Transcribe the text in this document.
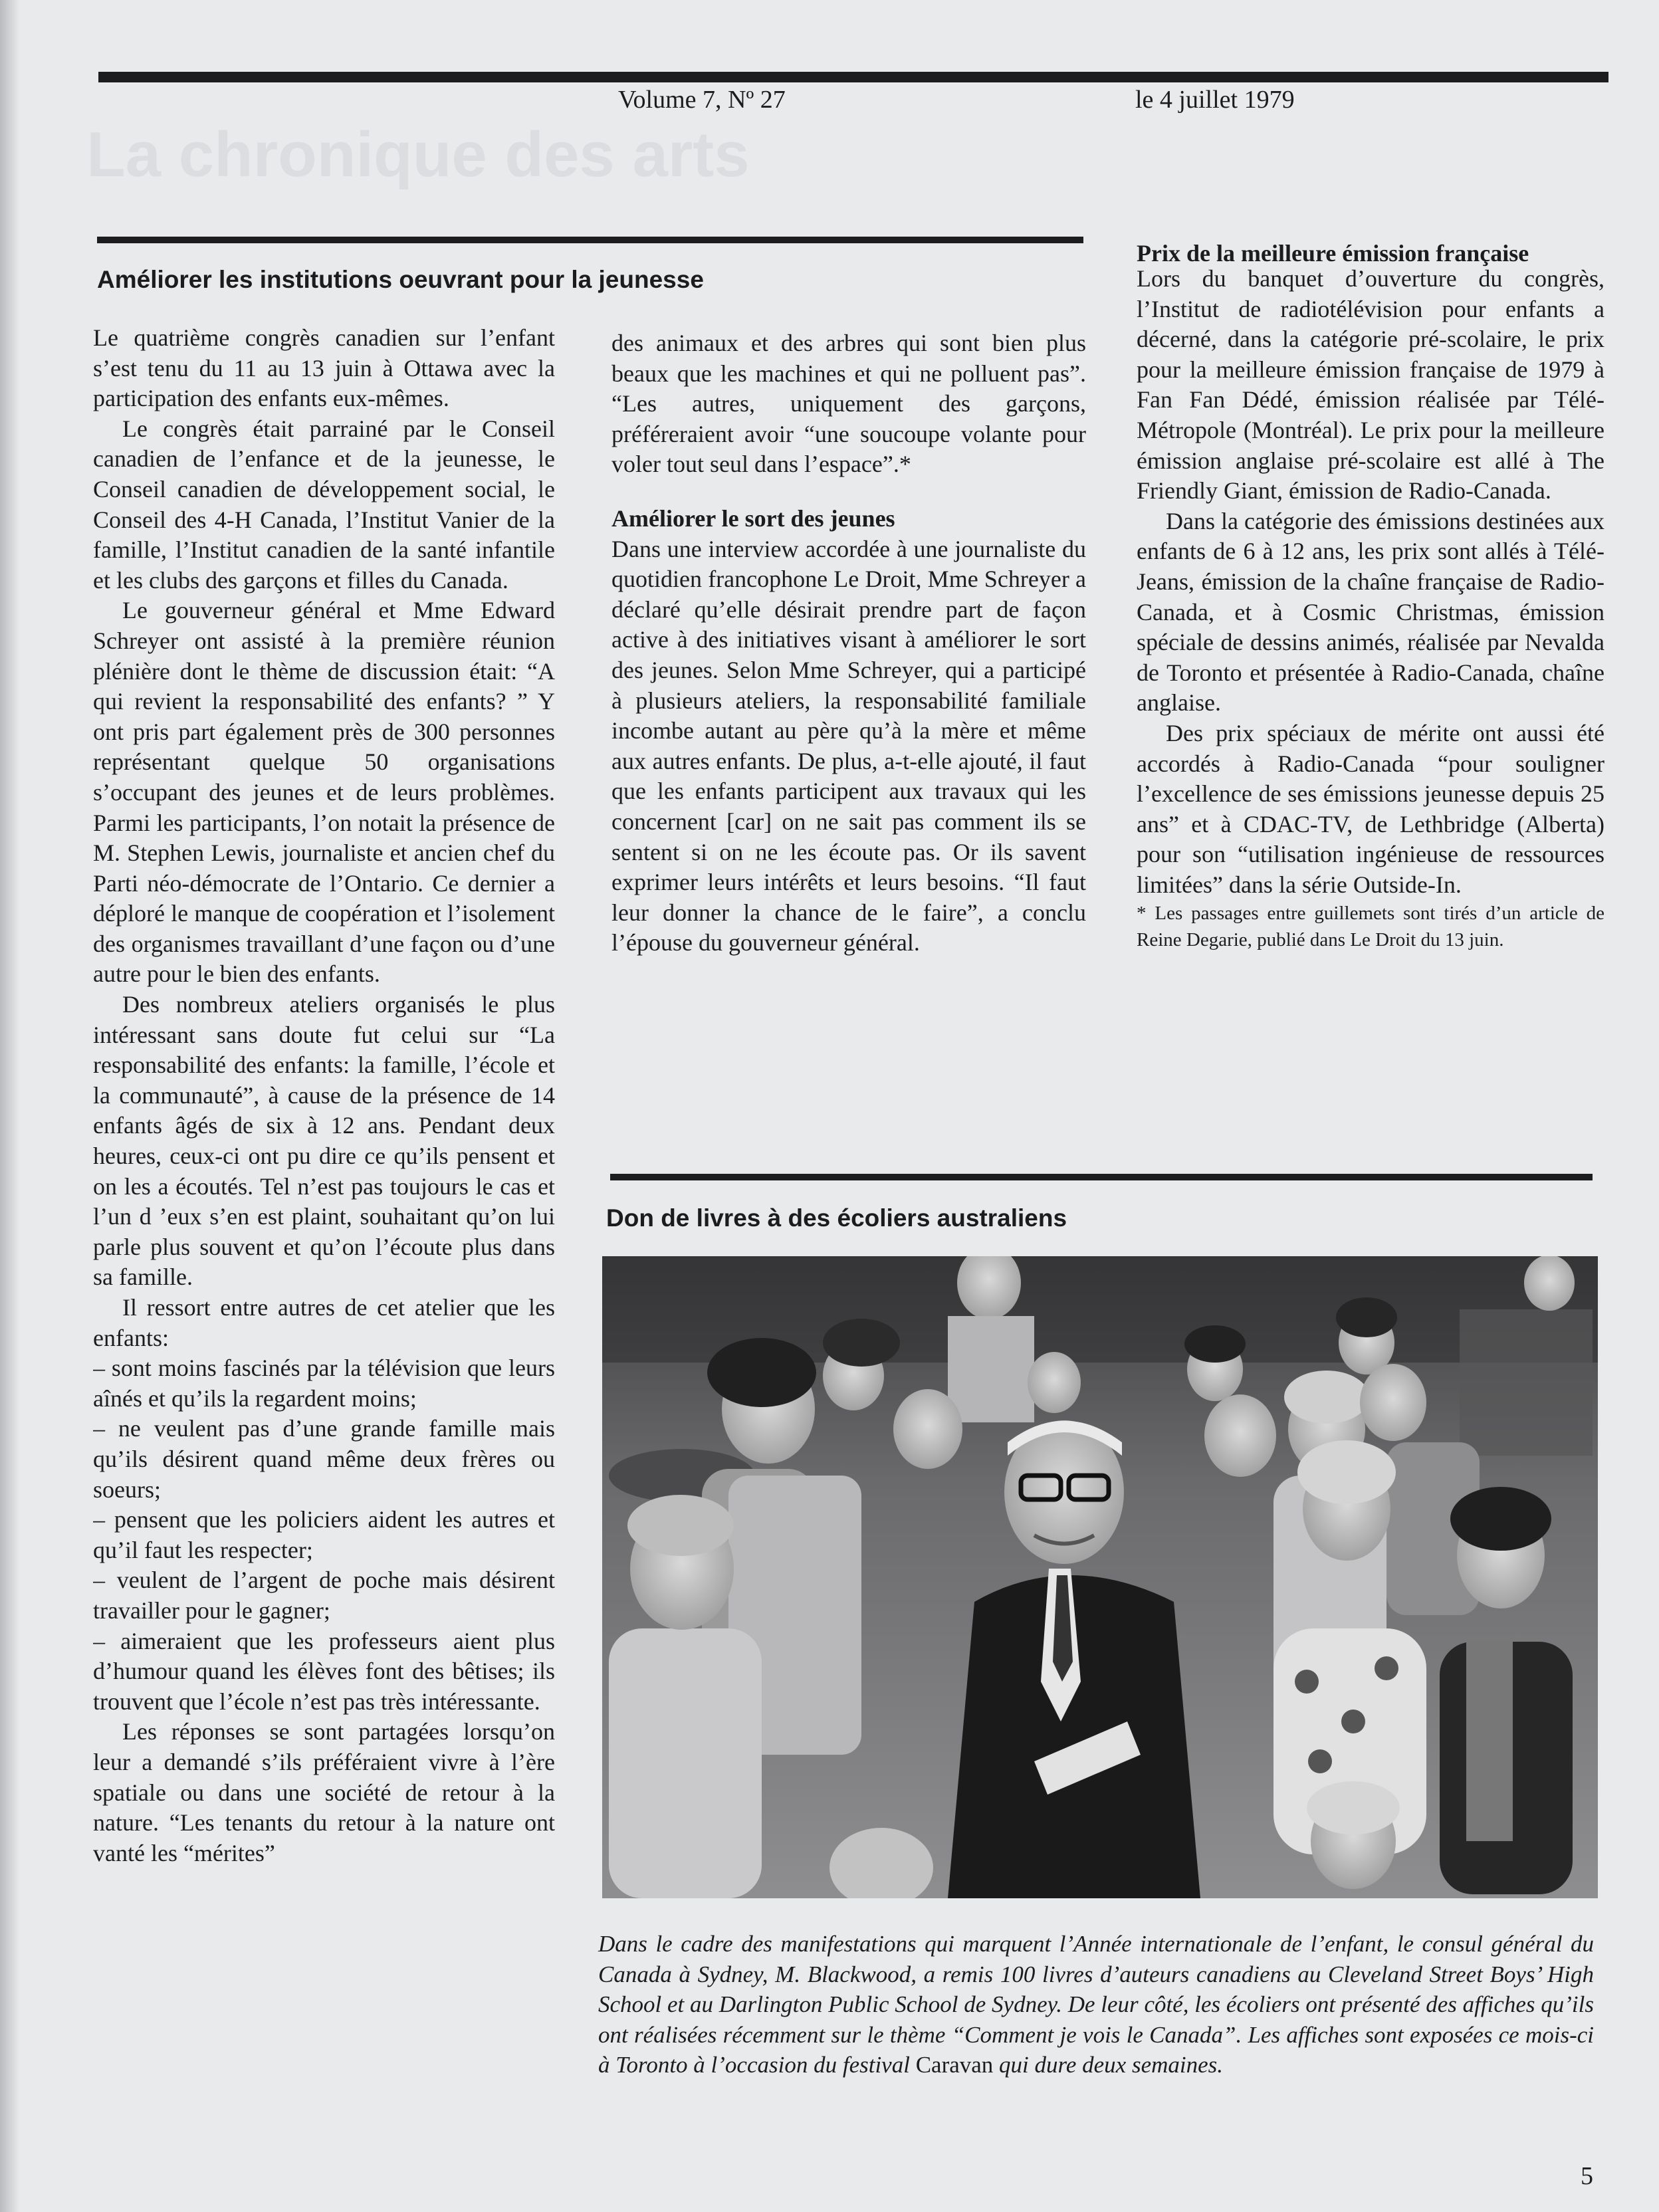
Volume 7, Nº 27	le 4 juillet 1979
La chronique des arts
Améliorer les institutions oeuvrant pour la jeunesse

Le quatrième congrès canadien sur l’enfant s’est tenu du 11 au 13 juin à Ottawa avec la participation des enfants eux-mêmes.

Le congrès était parrainé par le Conseil canadien de l’enfance et de la jeunesse, le Conseil canadien de développement social, le Conseil des 4-H Canada, l’Institut Vanier de la famille, l’Institut canadien de la santé infantile et les clubs des garçons et filles du Canada.

Le gouverneur général et Mme Edward Schreyer ont assisté à la première réunion plénière dont le thème de discussion était: “A qui revient la responsabilité des enfants? ” Y ont pris part également près de 300 personnes représentant quelque 50 organisations s’occupant des jeunes et de leurs problèmes. Parmi les participants, l’on notait la présence de M. Stephen Lewis, journaliste et ancien chef du Parti néo-démocrate de l’Ontario. Ce dernier a déploré le manque de coopération et l’isolement des organismes travaillant d’une façon ou d’une autre pour le bien des enfants.

Des nombreux ateliers organisés le plus intéressant sans doute fut celui sur “La responsabilité des enfants: la famille, l’école et la communauté”, à cause de la présence de 14 enfants âgés de six à 12 ans. Pendant deux heures, ceux-ci ont pu dire ce qu’ils pensent et on les a écoutés. Tel n’est pas toujours le cas et l’un d ’eux s’en est plaint, souhaitant qu’on lui parle plus souvent et qu’on l’écoute plus dans sa famille.

Il ressort entre autres de cet atelier que les enfants:

– sont moins fascinés par la télévision que leurs aînés et qu’ils la regardent moins;

– ne veulent pas d’une grande famille mais qu’ils désirent quand même deux frères ou soeurs;

– pensent que les policiers aident les autres et qu’il faut les respecter;

– veulent de l’argent de poche mais désirent travailler pour le gagner;

– aimeraient que les professeurs aient plus d’humour quand les élèves font des bêtises; ils trouvent que l’école n’est pas très intéressante.

Les réponses se sont partagées lorsqu’on leur a demandé s’ils préféraient vivre à l’ère spatiale ou dans une société de retour à la nature. “Les tenants du retour à la nature ont vanté les “mérites”

des animaux et des arbres qui sont bien plus beaux que les machines et qui ne polluent pas”. “Les autres, uniquement des garçons, préféreraient avoir “une soucoupe volante pour voler tout seul dans l’espace”.*

Améliorer le sort des jeunes

Dans une interview accordée à une journaliste du quotidien francophone Le Droit, Mme Schreyer a déclaré qu’elle désirait prendre part de façon active à des initiatives visant à améliorer le sort des jeunes. Selon Mme Schreyer, qui a participé à plusieurs ateliers, la responsabilité familiale incombe autant au père qu’à la mère et même aux autres enfants. De plus, a-t-elle ajouté, il faut que les enfants participent aux travaux qui les concernent [car] on ne sait pas comment ils se sentent si on ne les écoute pas. Or ils savent exprimer leurs intérêts et leurs besoins. “Il faut leur donner la chance de le faire”, a conclu l’épouse du gouverneur général.

Prix de la meilleure émission française

Lors du banquet d’ouverture du congrès, l’Institut de radiotélévision pour enfants a décerné, dans la catégorie pré-scolaire, le prix pour la meilleure émission française de 1979 à Fan Fan Dédé, émission réalisée par Télé-Métropole (Montréal). Le prix pour la meilleure émission anglaise pré-scolaire est allé à The Friendly Giant, émission de Radio-Canada.

Dans la catégorie des émissions destinées aux enfants de 6 à 12 ans, les prix sont allés à Télé-Jeans, émission de la chaîne française de Radio-Canada, et à Cosmic Christmas, émission spéciale de dessins animés, réalisée par Nevalda de Toronto et présentée à Radio-Canada, chaîne anglaise.

Des prix spéciaux de mérite ont aussi été accordés à Radio-Canada “pour souligner l’excellence de ses émissions jeunesse depuis 25 ans” et à CDAC-TV, de Lethbridge (Alberta) pour son “utilisation ingénieuse de ressources limitées” dans la série Outside-In.

* Les passages entre guillemets sont tirés d’un article de Reine Degarie, publié dans Le Droit du 13 juin.

Don de livres à des écoliers australiens
Dans le cadre des manifestations qui marquent l’Année internationale de l’enfant, le consul général du Canada à Sydney, M. Blackwood, a remis 100 livres d’auteurs canadiens au Cleveland Street Boys’ High School et au Darlington Public School de Sydney. De leur côté, les écoliers ont présenté des affiches qu’ils ont réalisées récemment sur le thème “Comment je vois le Canada”. Les affiches sont exposées ce mois-ci à Toronto à l’occasion du festival Caravan qui dure deux semaines.
5
